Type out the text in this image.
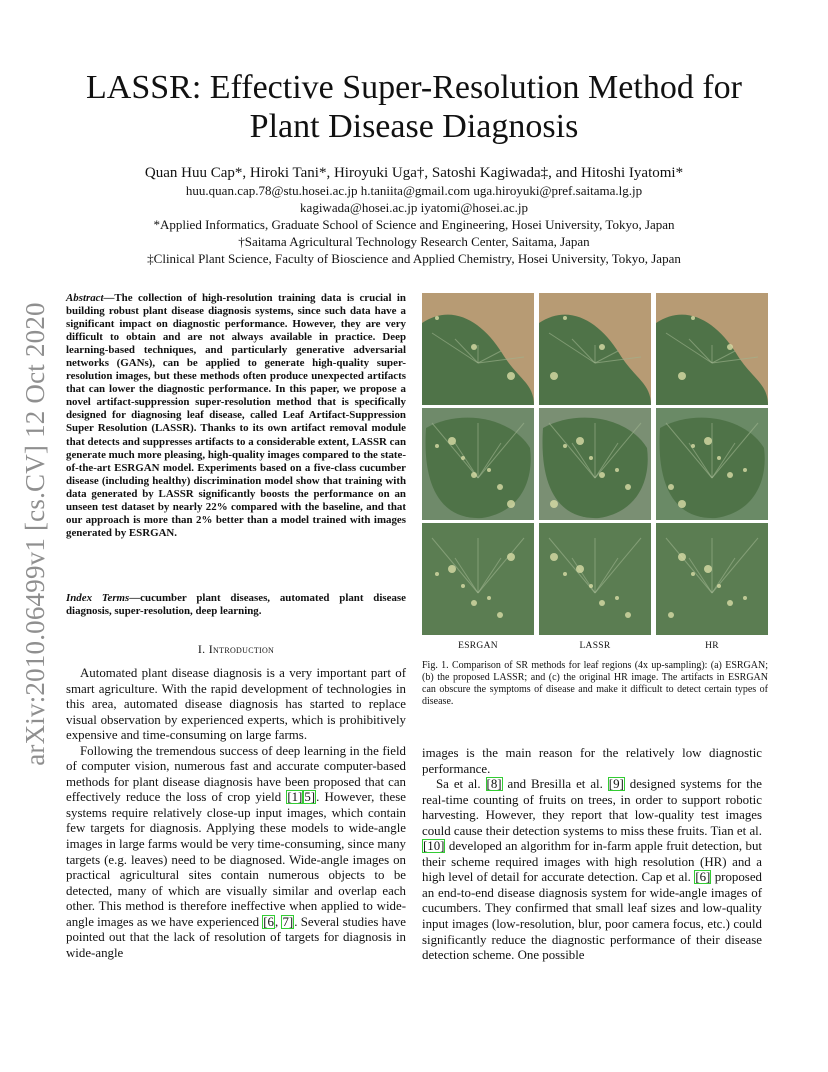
arXiv:2010.06499v1 [cs.CV] 12 Oct 2020
LASSR: Effective Super-Resolution Method for Plant Disease Diagnosis
Quan Huu Cap*, Hiroki Tani*, Hiroyuki Uga†, Satoshi Kagiwada‡, and Hitoshi Iyatomi*
huu.quan.cap.78@stu.hosei.ac.jp h.taniita@gmail.com uga.hiroyuki@pref.saitama.lg.jp
kagiwada@hosei.ac.jp iyatomi@hosei.ac.jp
*Applied Informatics, Graduate School of Science and Engineering, Hosei University, Tokyo, Japan
†Saitama Agricultural Technology Research Center, Saitama, Japan
‡Clinical Plant Science, Faculty of Bioscience and Applied Chemistry, Hosei University, Tokyo, Japan
Abstract—The collection of high-resolution training data is crucial in building robust plant disease diagnosis systems, since such data have a significant impact on diagnostic performance. However, they are very difficult to obtain and are not always available in practice. Deep learning-based techniques, and particularly generative adversarial networks (GANs), can be applied to generate high-quality super-resolution images, but these methods often produce unexpected artifacts that can lower the diagnostic performance. In this paper, we propose a novel artifact-suppression super-resolution method that is specifically designed for diagnosing leaf disease, called Leaf Artifact-Suppression Super Resolution (LASSR). Thanks to its own artifact removal module that detects and suppresses artifacts to a considerable extent, LASSR can generate much more pleasing, high-quality images compared to the state-of-the-art ESRGAN model. Experiments based on a five-class cucumber disease (including healthy) discrimination model show that training with data generated by LASSR significantly boosts the performance on an unseen test dataset by nearly 22% compared with the baseline, and that our approach is more than 2% better than a model trained with images generated by ESRGAN.
Index Terms—cucumber plant diseases, automated plant disease diagnosis, super-resolution, deep learning.
I. Introduction

Automated plant disease diagnosis is a very important part of smart agriculture. With the rapid development of technologies in this area, automated disease diagnosis has started to replace visual observation by experienced experts, which is prohibitively expensive and time-consuming on large farms.

Following the tremendous success of deep learning in the field of computer vision, numerous fast and accurate computer-based methods for plant disease diagnosis have been proposed that can effectively reduce the loss of crop yield [1] 5]. However, these systems require relatively close-up input images, which contain few targets for diagnosis. Applying these models to wide-angle images in large farms would be very time-consuming, since many targets (e.g. leaves) need to be diagnosed. Wide-angle images on practical agricultural sites contain numerous objects to be detected, many of which are visually similar and overlap each other. This method is therefore ineffective when applied to wide-angle images as we have experienced [6, 7]. Several studies have pointed out that the lack of resolution of targets for diagnosis in wide-angle

ESRGAN	LASSR	HR
Fig. 1. Comparison of SR methods for leaf regions (4x up-sampling): (a) ESRGAN; (b) the proposed LASSR; and (c) the original HR image. The artifacts in ESRGAN can obscure the symptoms of disease and make it difficult to detect certain types of disease.

images is the main reason for the relatively low diagnostic performance.

Sa et al. [8] and Bresilla et al. [9] designed systems for the real-time counting of fruits on trees, in order to support robotic harvesting. However, they report that low-quality test images could cause their detection systems to miss these fruits. Tian et al. [10] developed an algorithm for in-farm apple fruit detection, but their scheme required images with high resolution (HR) and a high level of detail for accurate detection. Cap et al. [6] proposed an end-to-end disease diagnosis system for wide-angle images of cucumbers. They confirmed that small leaf sizes and low-quality input images (low-resolution, blur, poor camera focus, etc.) could significantly reduce the diagnostic performance of their disease detection scheme. One possible
